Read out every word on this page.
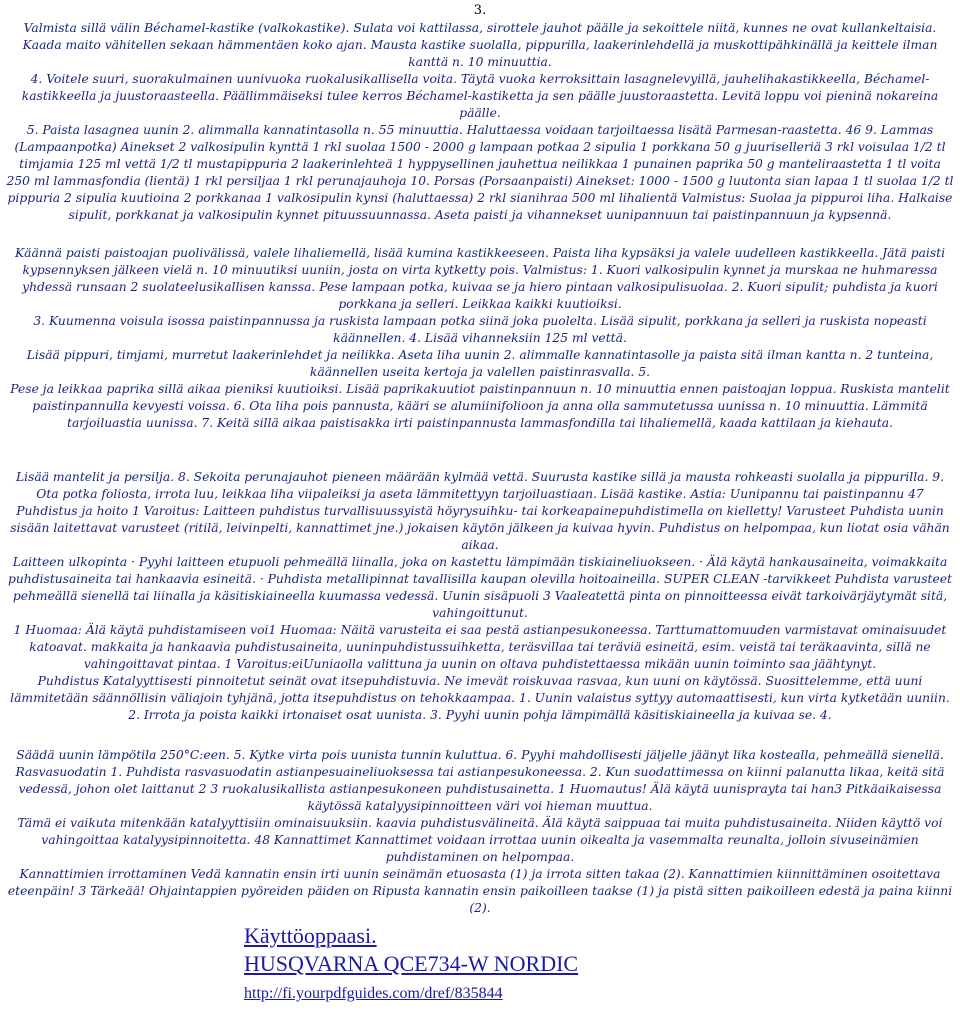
3.

Valmista sillä välin Béchamel-kastike (valkokastike). Sulata voi kattilassa, sirottele jauhot päälle ja sekoittele niitä, kunnes ne ovat kullankeltaisia. Kaada maito vähitellen sekaan hämmentäen koko ajan. Mausta kastike suolalla, pippurilla, laakerinlehdellä ja muskottipähkinällä ja keittele ilman kanttä n. 10 minuuttia.

4. Voitele suuri, suorakulmainen uunivuoka ruokalusikallisella voita. Täytä vuoka kerroksittain lasagnelevyillä, jauhelihakastikkeella, Béchamel-kastikkeella ja juustoraasteella. Päällimmäiseksi tulee kerros Béchamel-kastiketta ja sen päälle juustoraastetta. Levitä loppu voi pieninä nokareina päälle.

5. Paista lasagnea uunin 2. alimmalla kannatintasolla n. 55 minuuttia. Haluttaessa voidaan tarjoiltaessa lisätä Parmesan-raastetta. 46 9. Lammas (Lampaanpotka) Ainekset 2 valkosipulin kynttä 1 rkl suolaa 1500 - 2000 g lampaan potkaa 2 sipulia 1 porkkana 50 g juuriselleriä 3 rkl voisulaa 1/2 tl timjamia 125 ml vettä 1/2 tl mustapippuria 2 laakerinlehteä 1 hyppysellinen jauhettua neilikkaa 1 punainen paprika 50 g manteliraastetta 1 tl voita 250 ml lammasfondia (lientä) 1 rkl persiljaa 1 rkl perunajauhoja 10. Porsas (Porsaanpaisti) Ainekset: 1000 - 1500 g luutonta sian lapaa 1 tl suolaa 1/2 tl pippuria 2 sipulia kuutioina 2 porkkanaa 1 valkosipulin kynsi (haluttaessa) 2 rkl sianihraa 500 ml lihalientä Valmistus: Suolaa ja pippuroi liha. Halkaise sipulit, porkkanat ja valkosipulin kynnet pituussuunnassa. Aseta paisti ja vihannekset uunipannuun tai paistinpannuun ja kypsennä.

Käännä paisti paistoajan puolivälissä, valele lihaliemellä, lisää kumina kastikkeeseen. Paista liha kypsäksi ja valele uudelleen kastikkeella. Jätä paisti kypsennyksen jälkeen vielä n. 10 minuutiksi uuniin, josta on virta kytketty pois. Valmistus: 1. Kuori valkosipulin kynnet ja murskaa ne huhmaressa yhdessä runsaan 2 suolateelusikallisen kanssa. Pese lampaan potka, kuivaa se ja hiero pintaan valkosipulisuolaa. 2. Kuori sipulit; puhdista ja kuori porkkana ja selleri. Leikkaa kaikki kuutioiksi.

3. Kuumenna voisula isossa paistinpannussa ja ruskista lampaan potka siinä joka puolelta. Lisää sipulit, porkkana ja selleri ja ruskista nopeasti käännellen. 4. Lisää vihanneksiin 125 ml vettä.

Lisää pippuri, timjami, murretut laakerinlehdet ja neilikka. Aseta liha uunin 2. alimmalle kannatintasolle ja paista sitä ilman kantta n. 2 tunteina, käännellen useita kertoja ja valellen paistinrasvalla. 5.

Pese ja leikkaa paprika sillä aikaa pieniksi kuutioiksi. Lisää paprikakuutiot paistinpannuun n. 10 minuuttia ennen paistoajan loppua. Ruskista mantelit paistinpannulla kevyesti voissa. 6. Ota liha pois pannusta, kääri se alumiinifolioon ja anna olla sammutetussa uunissa n. 10 minuuttia. Lämmitä tarjoiluastia uunissa. 7. Keitä sillä aikaa paistisakka irti paistinpannusta lammasfondilla tai lihaliemellä, kaada kattilaan ja kiehauta.

Lisää mantelit ja persilja. 8. Sekoita perunajauhot pieneen määrään kylmää vettä. Suurusta kastike sillä ja mausta rohkeasti suolalla ja pippurilla. 9. Ota potka foliosta, irrota luu, leikkaa liha viipaleiksi ja aseta lämmitettyyn tarjoiluastiaan. Lisää kastike. Astia: Uunipannu tai paistinpannu 47 Puhdistus ja hoito 1 Varoitus: Laitteen puhdistus turvallisuussyistä höyrysuihku- tai korkeapainepuhdistimella on kielletty! Varusteet Puhdista uunin sisään laitettavat varusteet (ritilä, leivinpelti, kannattimet jne.) jokaisen käytön jälkeen ja kuivaa hyvin. Puhdistus on helpompaa, kun liotat osia vähän aikaa.

Laitteen ulkopinta · Pyyhi laitteen etupuoli pehmeällä liinalla, joka on kastettu lämpimään tiskiaineliuokseen. · Älä käytä hankausaineita, voimakkaita puhdistusaineita tai hankaavia esineitä. · Puhdista metallipinnat tavallisilla kaupan olevilla hoitoaineilla. SUPER CLEAN -tarvikkeet Puhdista varusteet pehmeällä sienellä tai liinalla ja käsitiskiaineella kuumassa vedessä. Uunin sisäpuoli 3 Vaaleatettä pinta on pinnoitteessa eivät tarkoivärjäytymät sitä, vahingoittunut.

1 Huomaa: Älä käytä puhdistamiseen voi1 Huomaa: Näitä varusteita ei saa pestä astianpesukoneessa. Tarttumattomuuden varmistavat ominaisuudet katoavat. makkaita ja hankaavia puhdistusaineita, uuninpuhdistussuihketta, teräsvillaa tai teräviä esineitä, esim. veistä tai teräkaavinta, sillä ne vahingoittavat pintaa. 1 Varoitus:eiUuniaolla valittuna ja uunin on oltava puhdistettaessa mikään uunin toiminto saa jäähtynyt.

Puhdistus Katalyyttisesti pinnoitetut seinät ovat itsepuhdistuvia. Ne imevät roiskuvaa rasvaa, kun uuni on käytössä. Suosittelemme, että uuni lämmitetään säännöllisin väliajoin tyhjänä, jotta itsepuhdistus on tehokkaampaa. 1. Uunin valaistus syttyy automaattisesti, kun virta kytketään uuniin. 2. Irrota ja poista kaikki irtonaiset osat uunista. 3. Pyyhi uunin pohja lämpimällä käsitiskiaineella ja kuivaa se. 4.

Säädä uunin lämpötila 250°C:een. 5. Kytke virta pois uunista tunnin kuluttua. 6. Pyyhi mahdollisesti jäljelle jäänyt lika kostealla, pehmeällä sienellä. Rasvasuodatin 1. Puhdista rasvasuodatin astianpesuaineliuoksessa tai astianpesukoneessa. 2. Kun suodattimessa on kiinni palanutta likaa, keitä sitä vedessä, johon olet laittanut 2 3 ruokalusikallista astianpesukoneen puhdistusainetta. 1 Huomautus! Älä käytä uunisprayta tai han3 Pitkäaikaisessa käytössä katalyysipinnoitteen väri voi hieman muuttua.

Tämä ei vaikuta mitenkään katalyyttisiin ominaisuuksiin. kaavia puhdistusvälineitä. Älä käytä saippuaa tai muita puhdistusaineita. Niiden käyttö voi vahingoittaa katalyysipinnoitetta. 48 Kannattimet Kannattimet voidaan irrottaa uunin oikealta ja vasemmalta reunalta, jolloin sivuseinämien puhdistaminen on helpompaa.

Kannattimien irrottaminen Vedä kannatin ensin irti uunin seinämän etuosasta (1) ja irrota sitten takaa (2). Kannattimien kiinnittäminen osoitettava eteenpäin! 3 Tärkeää! Ohjaintappien pyöreiden päiden on Ripusta kannatin ensin paikoilleen taakse (1) ja pistä sitten paikoilleen edestä ja paina kiinni (2).

Käyttöoppaasi.
HUSQVARNA QCE734-W NORDIC
http://fi.yourpdfguides.com/dref/835844
